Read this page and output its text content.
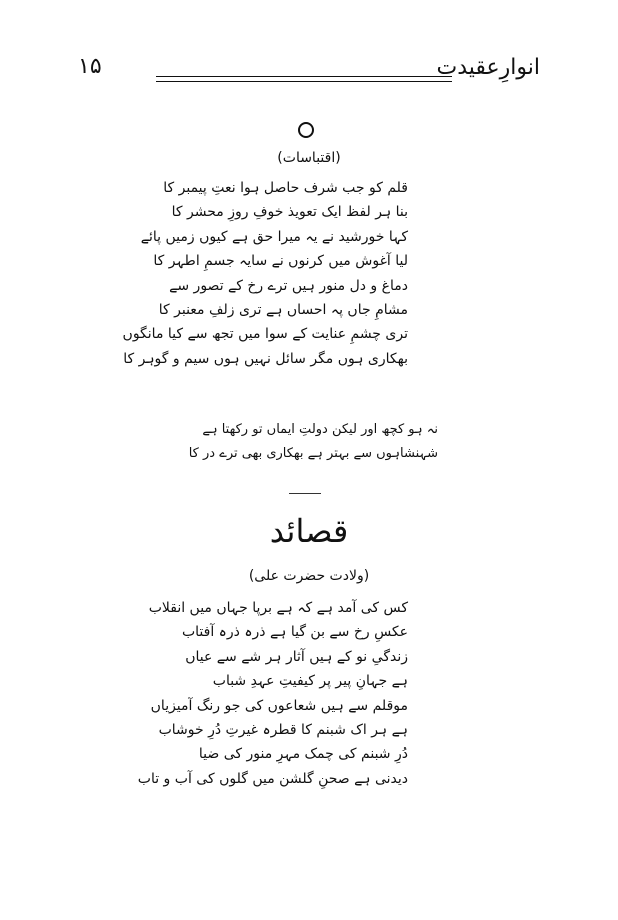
۱۵	انوارِعقیدت
(اقتباسات)
قلم کو جب شرف حاصل ہوا نعتِ پیمبر کا
بنا ہر لفظ ایک تعویذ خوفِ روزِ محشر کا
کہا خورشید نے یہ میرا حق ہے کیوں زمیں پائے
لیا آغوش میں کرنوں نے سایہ جسمِ اطہر کا
دماغ و دل منور ہیں ترے رخ کے تصور سے
مشامِ جاں پہ احساں ہے تری زلفِ معنبر کا
تری چشمِ عنایت کے سوا میں تجھ سے کیا مانگوں
بھکاری ہوں مگر سائل نہیں ہوں سیم و گوہر کا
نہ ہو کچھ اور لیکن دولتِ ایماں تو رکھتا ہے
شہنشاہوں سے بہتر ہے بھکاری بھی ترے در کا
قصائد
(ولادت حضرت علی)
کس کی آمد ہے کہ ہے برپا جہاں میں انقلاب
عکسِ رخ سے بن گیا ہے ذرہ ذرہ آفتاب
زندگیِ نو کے ہیں آثار ہر شے سے عیاں
ہے جہانِ پیر پر کیفیتِ عہدِ شباب
موقلم سے ہیں شعاعوں کی جو رنگ آمیزیاں
ہے ہر اک شبنم کا قطرہ غیرتِ دُرِ خوشاب
دُرِ شبنم کی چمک مہرِ منور کی ضیا
دیدنی ہے صحنِ گلشن میں گلوں کی آب و تاب
